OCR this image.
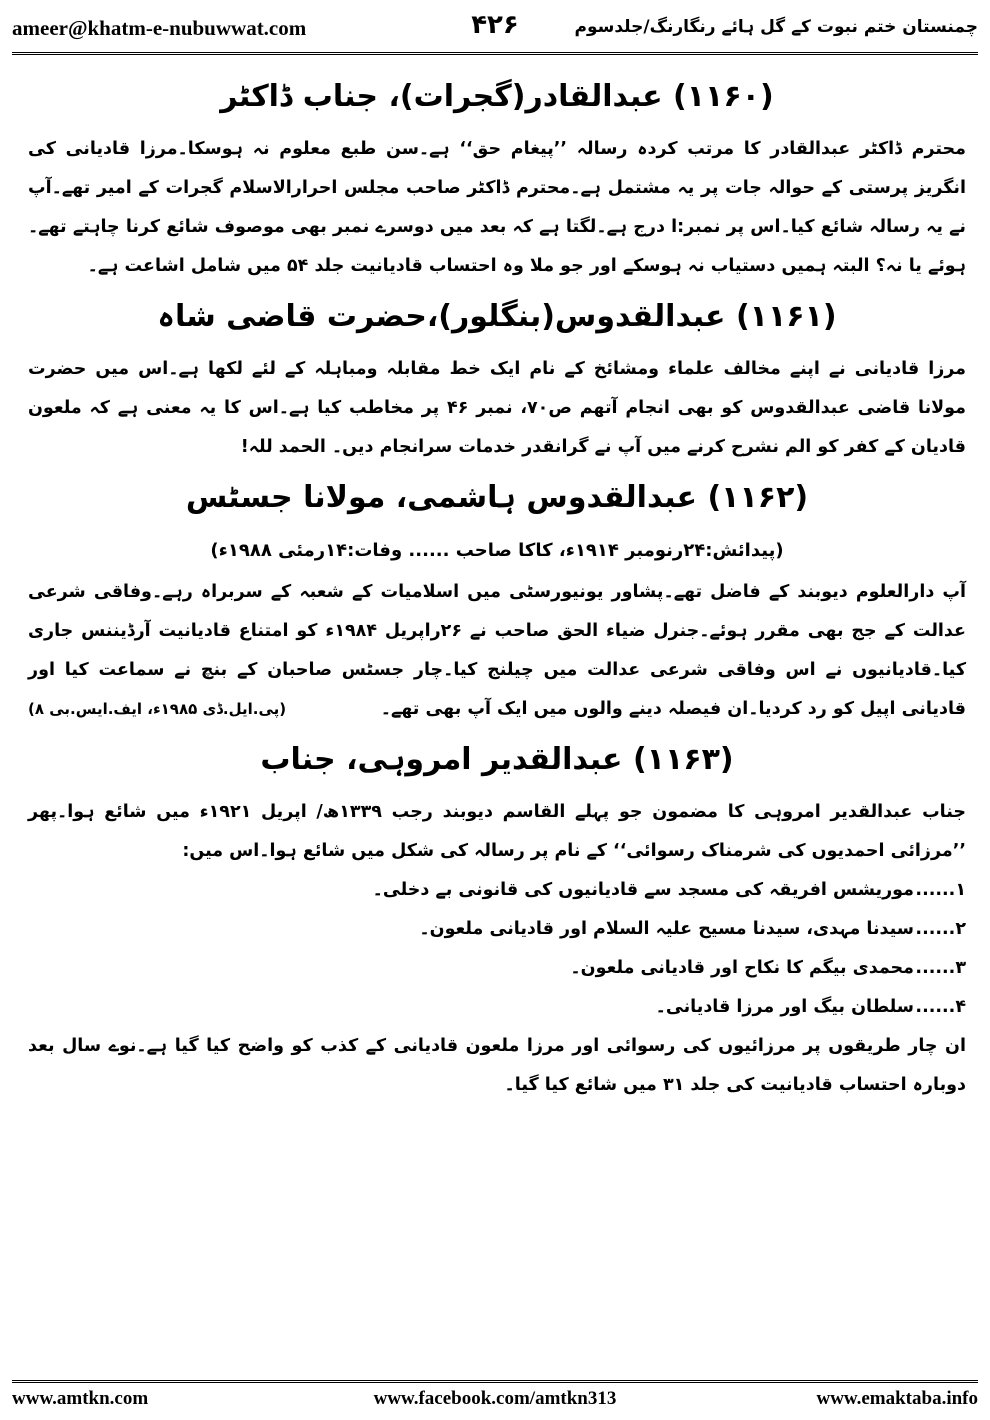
ameer@khatm-e-nubuwwat.com	۴۲۶	چمنستان ختم نبوت کے گل ہائے رنگارنگ/جلدسوم
(۱۱۶۰) عبدالقادر(گجرات)، جناب ڈاکٹر

محترم ڈاکٹر عبدالقادر کا مرتب کردہ رسالہ ’’پیغام حق‘‘ ہے۔سن طبع معلوم نہ ہوسکا۔مرزا قادیانی کی انگریز پرستی کے حوالہ جات پر یہ مشتمل ہے۔محترم ڈاکٹر صاحب مجلس احرارالاسلام گجرات کے امیر تھے۔آپ نے یہ رسالہ شائع کیا۔اس پر نمبر:ا درج ہے۔لگتا ہے کہ بعد میں دوسرے نمبر بھی موصوف شائع کرنا چاہتے تھے۔ہوئے یا نہ؟ البتہ ہمیں دستیاب نہ ہوسکے اور جو ملا وہ احتساب قادیانیت جلد ۵۴ میں شامل اشاعت ہے۔

(۱۱۶۱) عبدالقدوس(بنگلور)،حضرت قاضی شاہ

مرزا قادیانی نے اپنے مخالف علماء ومشائخ کے نام ایک خط مقابلہ ومباہلہ کے لئے لکھا ہے۔اس میں حضرت مولانا قاضی عبدالقدوس کو بھی انجام آتھم ص۷۰، نمبر ۴۶ پر مخاطب کیا ہے۔اس کا یہ معنی ہے کہ ملعون قادیان کے کفر کو الم نشرح کرنے میں آپ نے گرانقدر خدمات سرانجام دیں۔ الحمد للہ!

(۱۱۶۲) عبدالقدوس ہاشمی، مولانا جسٹس

(پیدائش:۲۴رنومبر ۱۹۱۴ء، کاکا صاحب ...... وفات:۱۴رمئی ۱۹۸۸ء)

آپ دارالعلوم دیوبند کے فاضل تھے۔پشاور یونیورسٹی میں اسلامیات کے شعبہ کے سربراہ رہے۔وفاقی شرعی عدالت کے جج بھی مقرر ہوئے۔جنرل ضیاء الحق صاحب نے ۲۶راپریل ۱۹۸۴ء کو امتناع قادیانیت آرڈیننس جاری کیا۔قادیانیوں نے اس وفاقی شرعی عدالت میں چیلنج کیا۔چار جسٹس صاحبان کے بنچ نے سماعت کیا اور قادیانی اپیل کو رد کردیا۔ان فیصلہ دینے والوں میں ایک آپ بھی تھے۔
(پی.ایل.ڈی ۱۹۸۵ء، ایف.ایس.بی ۸)

(۱۱۶۳) عبدالقدیر امروہی، جناب

جناب عبدالقدیر امروہی کا مضمون جو پہلے القاسم دیوبند رجب ۱۳۳۹ھ/ اپریل ۱۹۲۱ء میں شائع ہوا۔پھر ’’مرزائی احمدیوں کی شرمناک رسوائی‘‘ کے نام پر رسالہ کی شکل میں شائع ہوا۔اس میں:

۱......
موریشس افریقہ کی مسجد سے قادیانیوں کی قانونی بے دخلی۔
۲......
سیدنا مہدی، سیدنا مسیح علیہ السلام اور قادیانی ملعون۔
۳......
محمدی بیگم کا نکاح اور قادیانی ملعون۔
۴......
سلطان بیگ اور مرزا قادیانی۔

ان چار طریقوں پر مرزائیوں کی رسوائی اور مرزا ملعون قادیانی کے کذب کو واضح کیا گیا ہے۔نوے سال بعد دوبارہ احتساب قادیانیت کی جلد ۳۱ میں شائع کیا گیا۔

www.amtkn.com	www.facebook.com/amtkn313	www.emaktaba.info
